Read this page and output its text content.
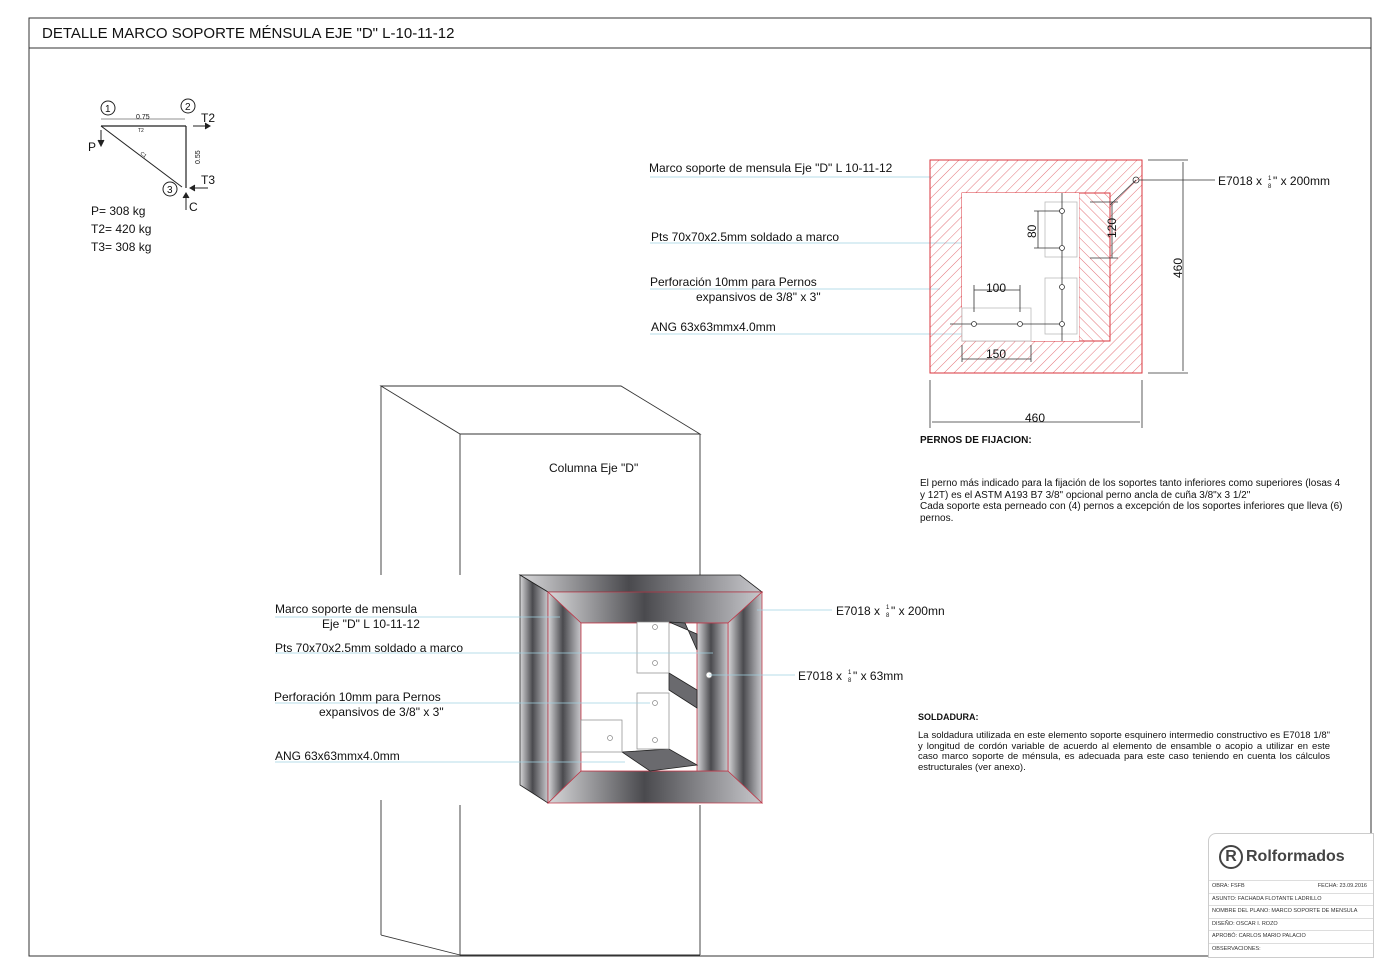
DETALLE MARCO SOPORTE MÉNSULA EJE "D" L-10-11-12
1	2
3
0.75
T2
C1	0.55
P
T2
T3
C
P= 308 kg
T2= 420 kg
T3= 308 kg
Marco soporte de mensula Eje "D" L 10-11-12
Pts 70x70x2.5mm soldado a marco
Perforación 10mm para Pernos
expansivos de 3/8" x 3"
ANG 63x63mmx4.0mm
E7018 x 1
8 " x 200mm
460
460
80	120
100
150
Columna Eje "D"
Marco soporte de mensula
Eje "D" L 10-11-12
Pts 70x70x2.5mm soldado a marco
Perforación 10mm para Pernos
expansivos de 3/8" x 3"
ANG 63x63mmx4.0mm
E7018 x 1
8 " x 200mn
E7018 x 1
8 " x 63mm
PERNOS DE FIJACION:
El perno más indicado para la fijación de los soportes tanto inferiores como superiores (losas 4 y 12T) es el ASTM A193 B7 3/8" opcional perno ancla de cuña 3/8"x 3 1/2"
Cada soporte esta perneado con (4) pernos a excepción de los soportes inferiores que lleva (6) pernos.
SOLDADURA:
La soldadura utilizada en este elemento soporte esquinero intermedio constructivo es E7018 1/8" y longitud de cordón variable de acuerdo al elemento de ensamble o acopio a utilizar en este caso marco soporte de ménsula, es adecuada para este caso teniendo en cuenta los cálculos estructurales (ver anexo).
R Rolformados
OBRA: FSFB	FECHA: 23.09.2016
ASUNTO: FACHADA FLOTANTE LADRILLO
NOMBRE DEL PLANO: MARCO SOPORTE DE MENSULA
DISEÑO: OSCAR I. ROZO
APROBÓ: CARLOS MARIO PALACIO
OBSERVACIONES:
